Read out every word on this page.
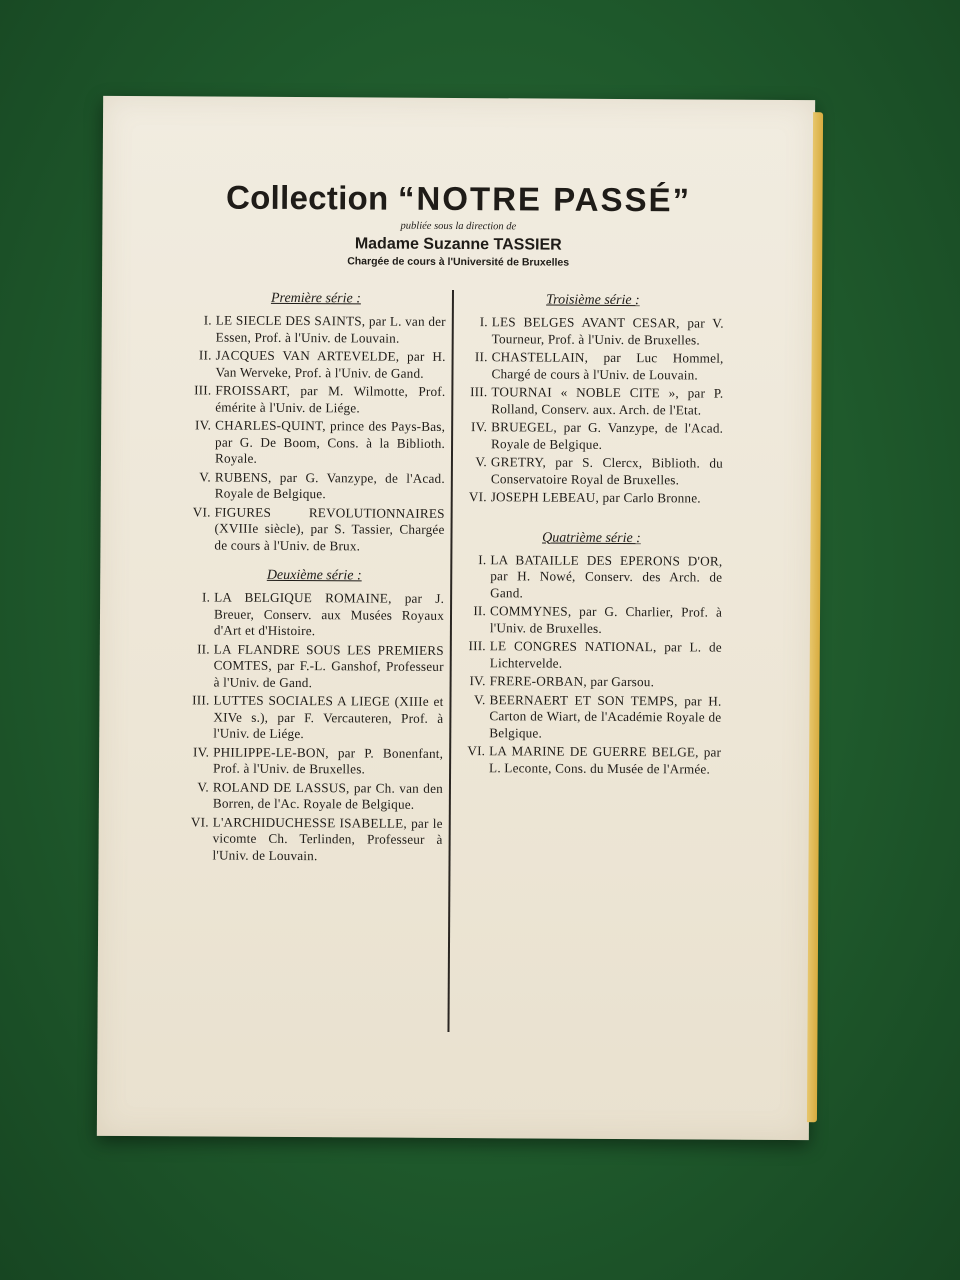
Collection “NOTRE PASSÉ”

publiée sous la direction de
Madame Suzanne TASSIER
Chargée de cours à l'Université de Bruxelles
Première série :
I. LE SIECLE DES SAINTS, par L. van der Essen, Prof. à l'Univ. de Louvain.
II. JACQUES VAN ARTEVELDE, par H. Van Werveke, Prof. à l'Univ. de Gand.
III. FROISSART, par M. Wilmotte, Prof. émérite à l'Univ. de Liége.
IV. CHARLES-QUINT, prince des Pays-Bas, par G. De Boom, Cons. à la Biblioth. Royale.
V. RUBENS, par G. Vanzype, de l'Acad. Royale de Belgique.
VI. FIGURES REVOLUTIONNAIRES (XVIIIe siècle), par S. Tassier, Chargée de cours à l'Univ. de Brux.
Deuxième série :
I. LA BELGIQUE ROMAINE, par J. Breuer, Conserv. aux Musées Royaux d'Art et d'Histoire.
II. LA FLANDRE SOUS LES PREMIERS COMTES, par F.-L. Ganshof, Professeur à l'Univ. de Gand.
III. LUTTES SOCIALES A LIEGE (XIIIe et XIVe s.), par F. Vercauteren, Prof. à l'Univ. de Liége.
IV. PHILIPPE-LE-BON, par P. Bonenfant, Prof. à l'Univ. de Bruxelles.
V. ROLAND DE LASSUS, par Ch. van den Borren, de l'Ac. Royale de Belgique.
VI. L'ARCHIDUCHESSE ISABELLE, par le vicomte Ch. Terlinden, Professeur à l'Univ. de Louvain.
Troisième série :
I. LES BELGES AVANT CESAR, par V. Tourneur, Prof. à l'Univ. de Bruxelles.
II. CHASTELLAIN, par Luc Hommel, Chargé de cours à l'Univ. de Louvain.
III. TOURNAI « NOBLE CITE », par P. Rolland, Conserv. aux. Arch. de l'Etat.
IV. BRUEGEL, par G. Vanzype, de l'Acad. Royale de Belgique.
V. GRETRY, par S. Clercx, Biblioth. du Conservatoire Royal de Bruxelles.
VI. JOSEPH LEBEAU, par Carlo Bronne.
Quatrième série :
I. LA BATAILLE DES EPERONS D'OR, par H. Nowé, Conserv. des Arch. de Gand.
II. COMMYNES, par G. Charlier, Prof. à l'Univ. de Bruxelles.
III. LE CONGRES NATIONAL, par L. de Lichtervelde.
IV. FRERE-ORBAN, par Garsou.
V. BEERNAERT ET SON TEMPS, par H. Carton de Wiart, de l'Académie Royale de Belgique.
VI. LA MARINE DE GUERRE BELGE, par L. Leconte, Cons. du Musée de l'Armée.
